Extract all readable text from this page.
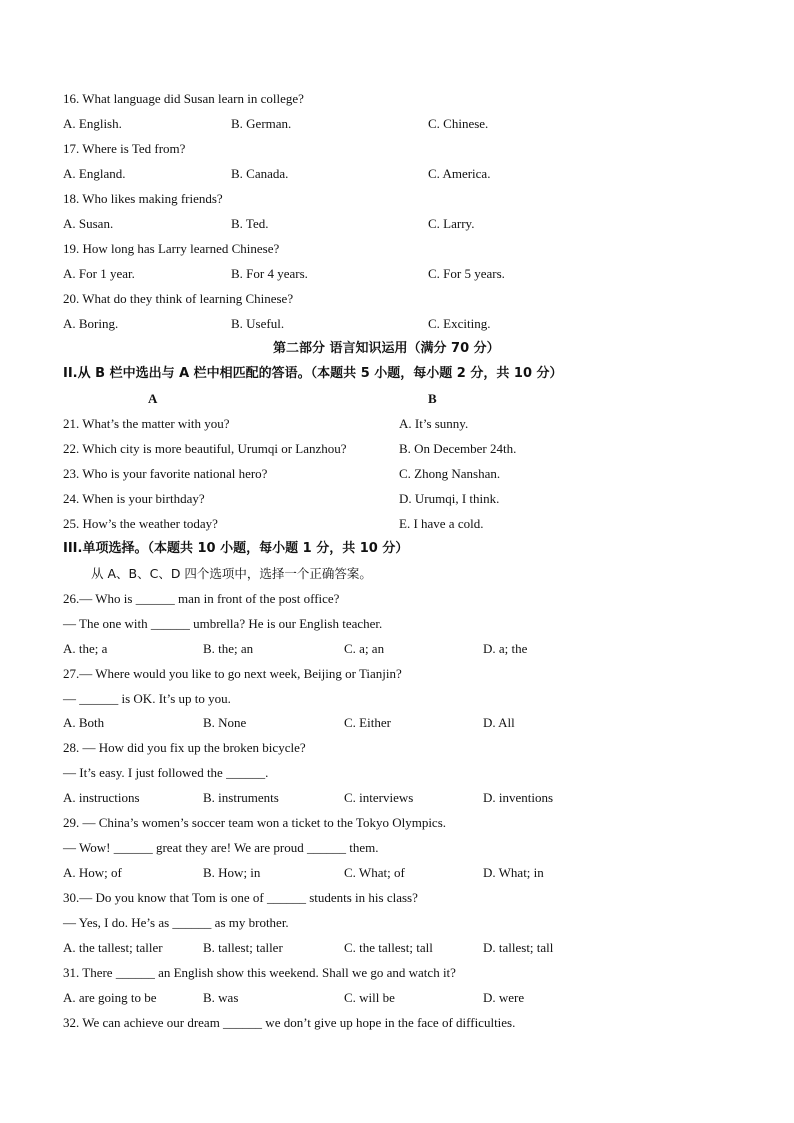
16. What language did Susan learn in college?
A. English.	B. German.	C. Chinese.
17. Where is Ted from?
A. England.	B. Canada.	C. America.
18. Who likes making friends?
A. Susan.	B. Ted.	C. Larry.
19. How long has Larry learned Chinese?
A. For 1 year.	B. For 4 years.	C. For 5 years.
20. What do they think of learning Chinese?
A. Boring.	B. Useful.	C. Exciting.
第二部分 语言知识运用（满分 70 分）
II.从 B 栏中选出与 A 栏中相匹配的答语。（本题共 5 小题，每小题 2 分，共 10 分）
A	B
21. What’s the matter with you?	A. It’s sunny.
22. Which city is more beautiful, Urumqi or Lanzhou?	B. On December 24th.
23. Who is your favorite national hero?	C. Zhong Nanshan.
24. When is your birthday?	D. Urumqi, I think.
25. How’s the weather today?	E. I have a cold.
III.单项选择。（本题共 10 小题，每小题 1 分，共 10 分）
从 A、B、C、D 四个选项中，选择一个正确答案。
26.— Who is ______ man in front of the post office?
— The one with ______ umbrella? He is our English teacher.
A. the; a	B. the; an	C. a; an	D. a; the
27.— Where would you like to go next week, Beijing or Tianjin?
— ______ is OK. It’s up to you.
A. Both	B. None	C. Either	D. All
28. — How did you fix up the broken bicycle?
— It’s easy. I just followed the ______.
A. instructions	B. instruments	C. interviews	D. inventions
29. — China’s women’s soccer team won a ticket to the Tokyo Olympics.
— Wow! ______ great they are! We are proud ______ them.
A. How; of	B. How; in	C. What; of	D. What; in
30.— Do you know that Tom is one of ______ students in his class?
— Yes, I do. He’s as ______ as my brother.
A. the tallest; taller	B. tallest; taller	C. the tallest; tall	D. tallest; tall
31. There ______ an English show this weekend. Shall we go and watch it?
A. are going to be	B. was	C. will be	D. were
32. We can achieve our dream ______ we don’t give up hope in the face of difficulties.
